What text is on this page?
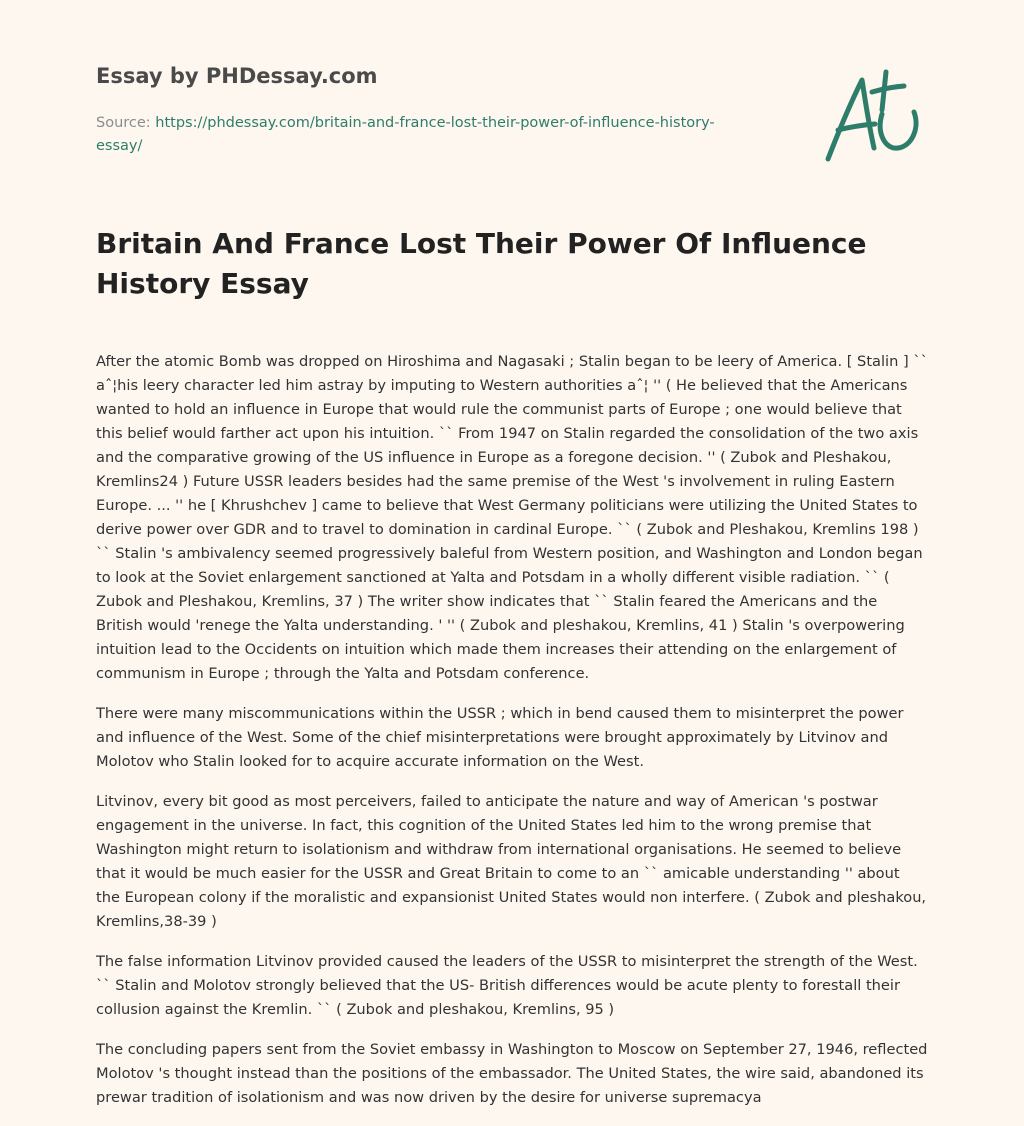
Essay by PHDessay.com
Source: https://phdessay.com/britain-and-france-lost-their-power-of-influence-history-essay/
Britain And France Lost Their Power Of Influence History Essay

After the atomic Bomb was dropped on Hiroshima and Nagasaki ; Stalin began to be leery of America. [ Stalin ] `` aˆ¦his leery character led him astray by imputing to Western authorities aˆ¦ '' ( He believed that the Americans wanted to hold an influence in Europe that would rule the communist parts of Europe ; one would believe that this belief would farther act upon his intuition. `` From 1947 on Stalin regarded the consolidation of the two axis and the comparative growing of the US influence in Europe as a foregone decision. '' ( Zubok and Pleshakou, Kremlins24 ) Future USSR leaders besides had the same premise of the West 's involvement in ruling Eastern Europe. ... '' he [ Khrushchev ] came to believe that West Germany politicians were utilizing the United States to derive power over GDR and to travel to domination in cardinal Europe. `` ( Zubok and Pleshakou, Kremlins 198 ) `` Stalin 's ambivalency seemed progressively baleful from Western position, and Washington and London began to look at the Soviet enlargement sanctioned at Yalta and Potsdam in a wholly different visible radiation. `` ( Zubok and Pleshakou, Kremlins, 37 ) The writer show indicates that `` Stalin feared the Americans and the British would 'renege the Yalta understanding. ' '' ( Zubok and pleshakou, Kremlins, 41 ) Stalin 's overpowering intuition lead to the Occidents on intuition which made them increases their attending on the enlargement of communism in Europe ; through the Yalta and Potsdam conference.

There were many miscommunications within the USSR ; which in bend caused them to misinterpret the power and influence of the West. Some of the chief misinterpretations were brought approximately by Litvinov and Molotov who Stalin looked for to acquire accurate information on the West.

Litvinov, every bit good as most perceivers, failed to anticipate the nature and way of American 's postwar engagement in the universe. In fact, this cognition of the United States led him to the wrong premise that Washington might return to isolationism and withdraw from international organisations. He seemed to believe that it would be much easier for the USSR and Great Britain to come to an `` amicable understanding '' about the European colony if the moralistic and expansionist United States would non interfere. ( Zubok and pleshakou, Kremlins,38-39 )

The false information Litvinov provided caused the leaders of the USSR to misinterpret the strength of the West. `` Stalin and Molotov strongly believed that the US- British differences would be acute plenty to forestall their collusion against the Kremlin. `` ( Zubok and pleshakou, Kremlins, 95 )

The concluding papers sent from the Soviet embassy in Washington to Moscow on September 27, 1946, reflected Molotov 's thought instead than the positions of the embassador. The United States, the wire said, abandoned its prewar tradition of isolationism and was now driven by the desire for universe supremacya
